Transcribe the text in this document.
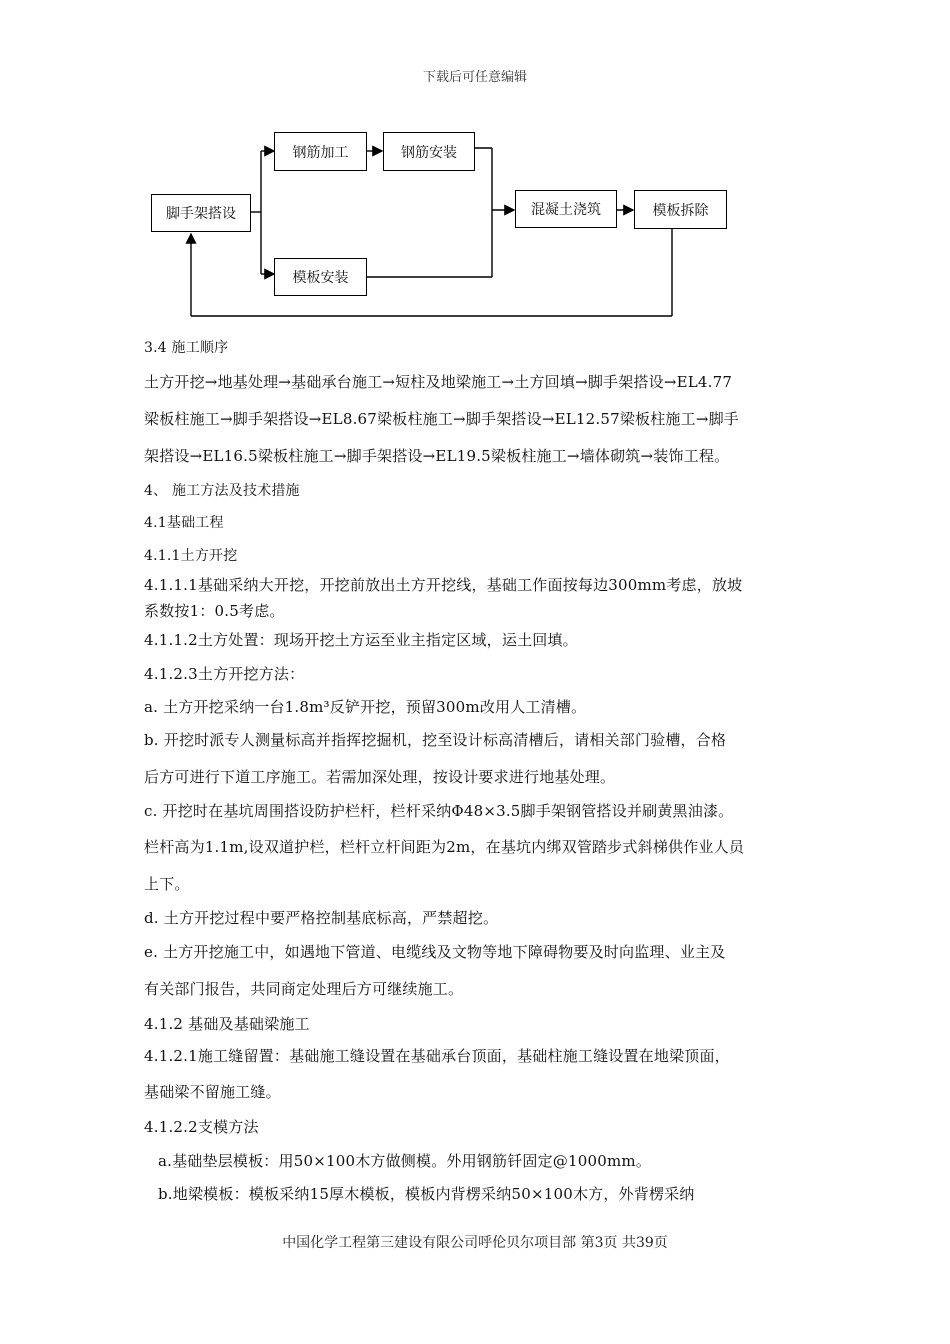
下载后可任意编辑
脚手架搭设
钢筋加工	钢筋安装
模板安装
混凝土浇筑	模板拆除
3.4 施工顺序
土方开挖→地基处理→基础承台施工→短柱及地梁施工→土方回填→脚手架搭设→EL4.77
梁板柱施工→脚手架搭设→EL8.67梁板柱施工→脚手架搭设→EL12.57梁板柱施工→脚手
架搭设→EL16.5梁板柱施工→脚手架搭设→EL19.5梁板柱施工→墙体砌筑→装饰工程。
4、 施工方法及技术措施
4.1基础工程
4.1.1土方开挖
4.1.1.1基础采纳大开挖，开挖前放出土方开挖线，基础工作面按每边300mm考虑，放坡
系数按1：0.5考虑。
4.1.1.2土方处置：现场开挖土方运至业主指定区域，运土回填。
4.1.2.3土方开挖方法：
a. 土方开挖采纳一台1.8m³反铲开挖，预留300m改用人工清槽。
b. 开挖时派专人测量标高并指挥挖掘机，挖至设计标高清槽后，请相关部门验槽，合格
后方可进行下道工序施工。若需加深处理，按设计要求进行地基处理。
c. 开挖时在基坑周围搭设防护栏杆，栏杆采纳Φ48×3.5脚手架钢管搭设并刷黄黑油漆。
栏杆高为1.1m,设双道护栏，栏杆立杆间距为2m，在基坑内绑双管踏步式斜梯供作业人员
上下。
d. 土方开挖过程中要严格控制基底标高，严禁超挖。
e. 土方开挖施工中，如遇地下管道、电缆线及文物等地下障碍物要及时向监理、业主及
有关部门报告，共同商定处理后方可继续施工。
4.1.2 基础及基础梁施工
4.1.2.1施工缝留置：基础施工缝设置在基础承台顶面，基础柱施工缝设置在地梁顶面，
基础梁不留施工缝。
4.1.2.2支模方法
a.基础垫层模板：用50×100木方做侧模。外用钢筋钎固定@1000mm。
b.地梁模板：模板采纳15厚木模板，模板内背楞采纳50×100木方，外背楞采纳
中国化学工程第三建设有限公司呼伦贝尔项目部 第3页 共39页
